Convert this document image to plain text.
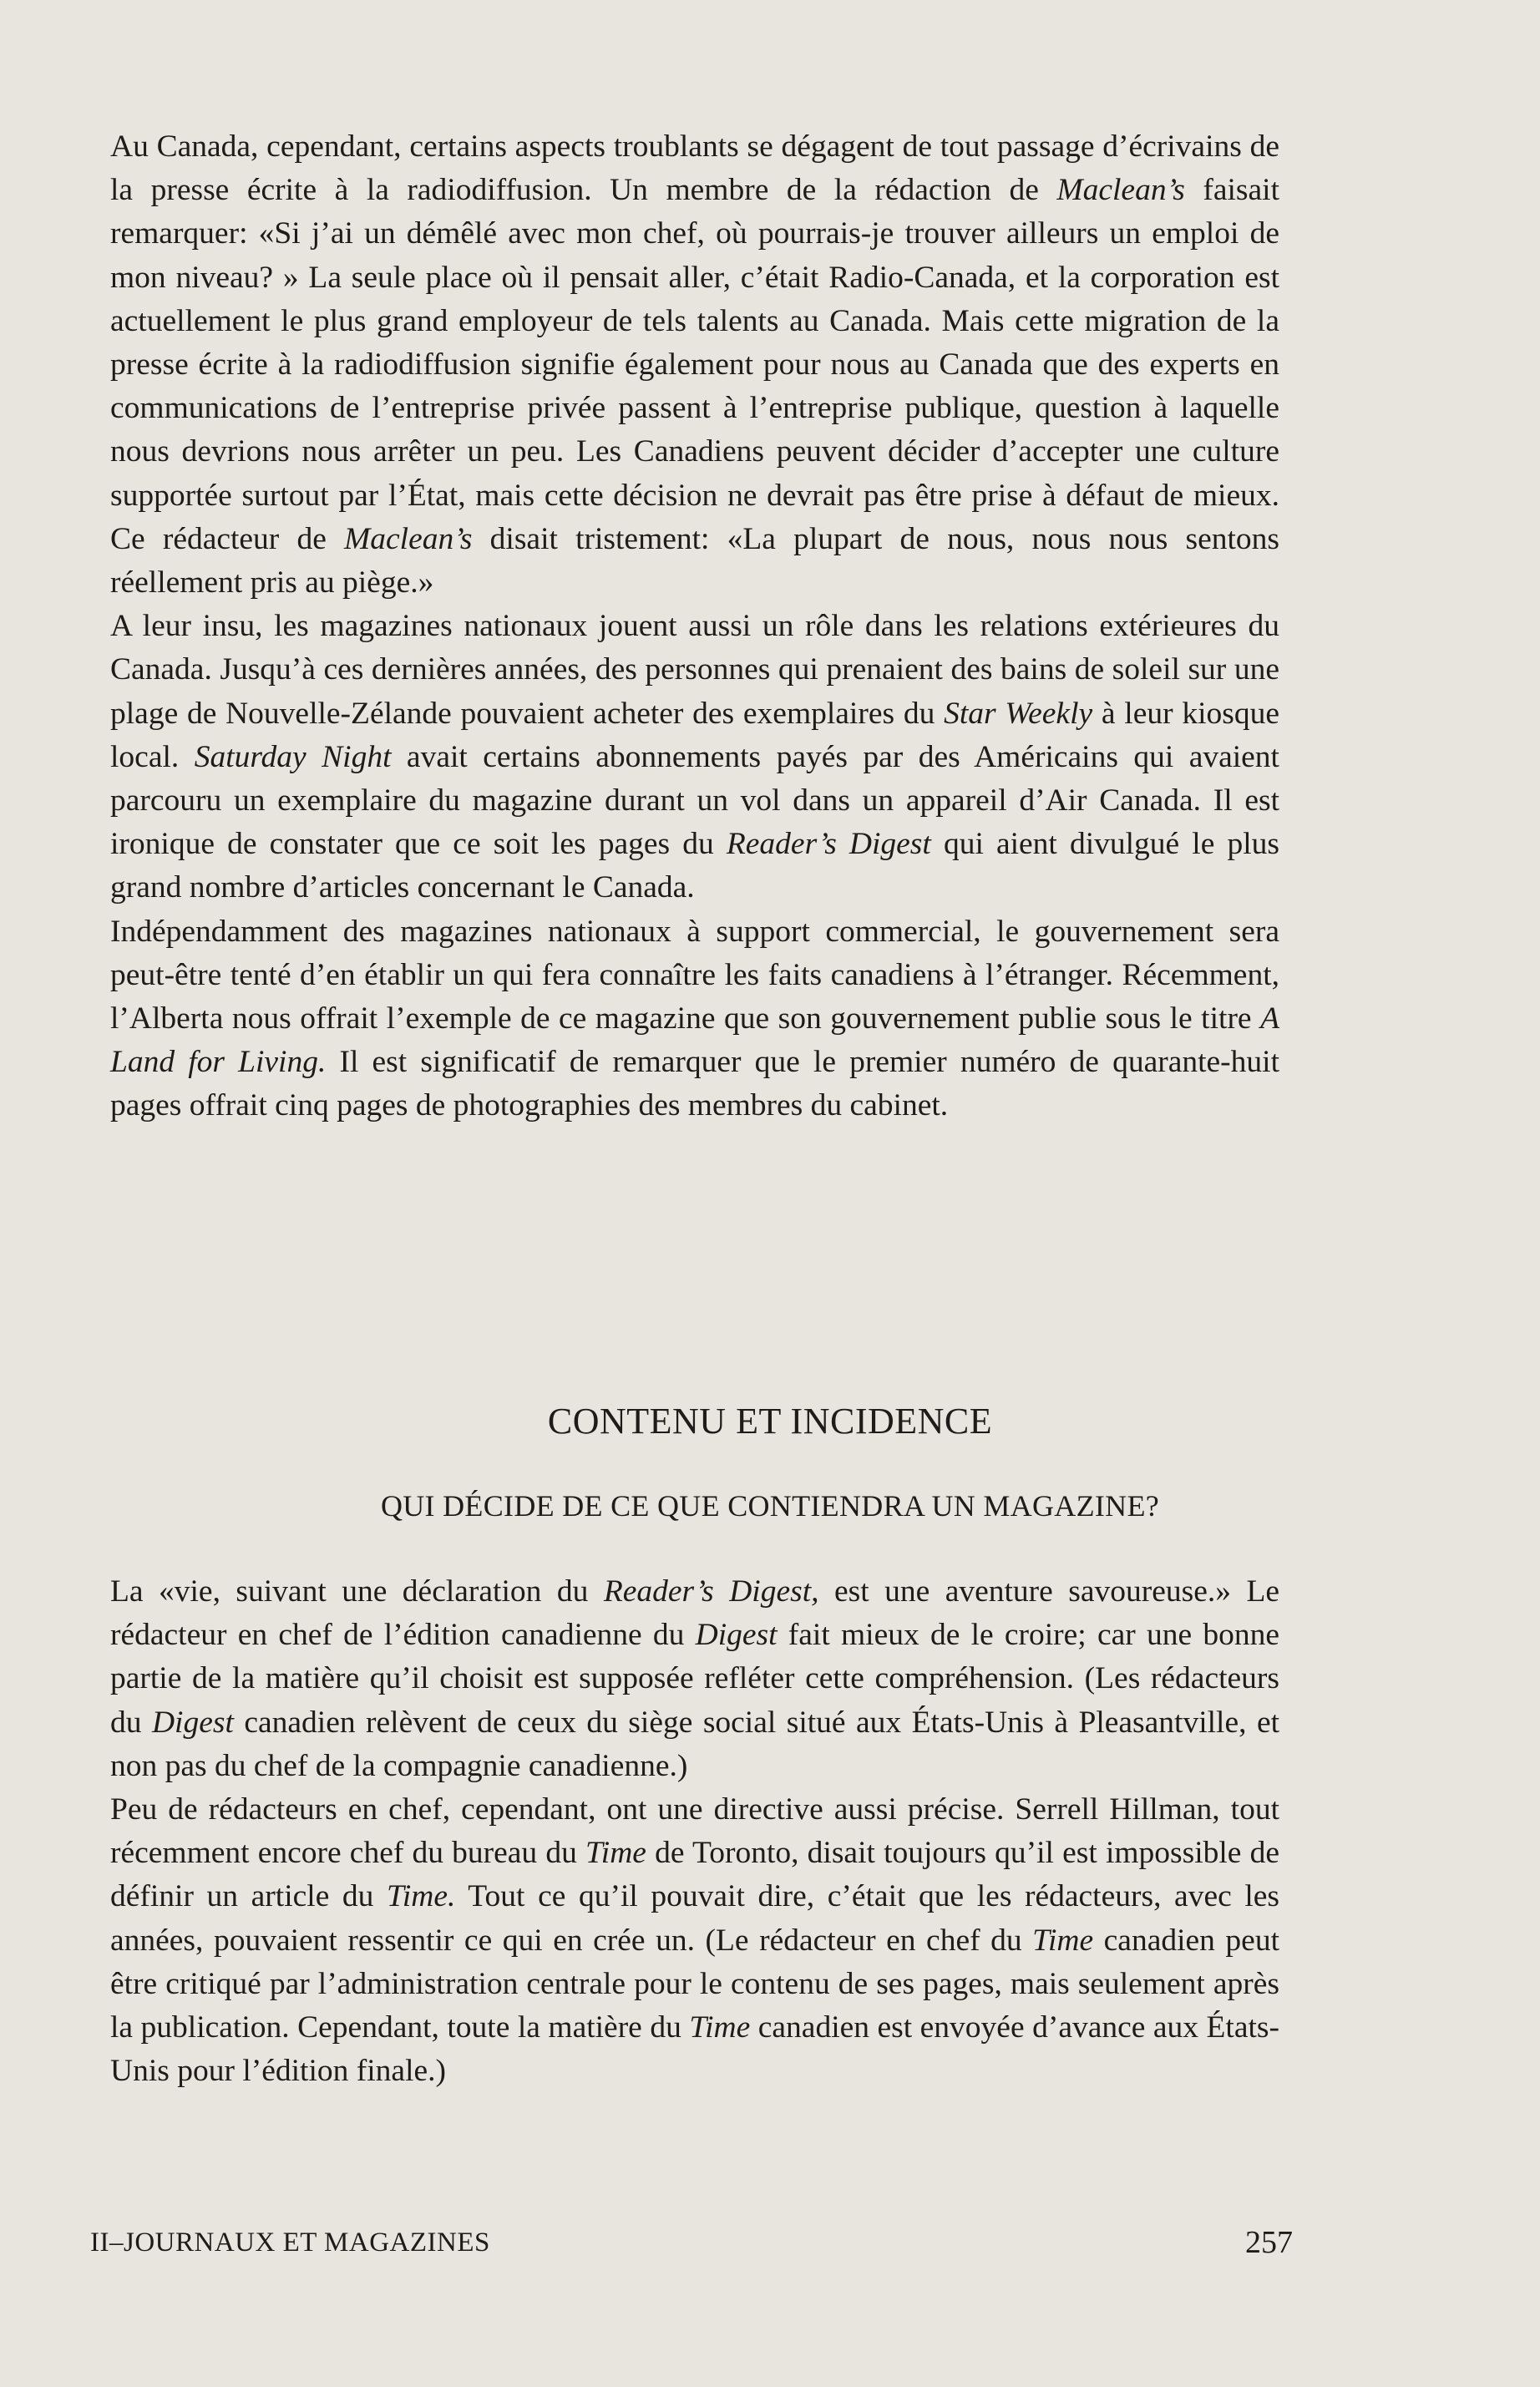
Au Canada, cependant, certains aspects troublants se dégagent de tout passage d’écrivains de la presse écrite à la radiodiffusion. Un membre de la rédaction de Maclean’s faisait remarquer: «Si j’ai un démêlé avec mon chef, où pourrais-je trouver ailleurs un emploi de mon niveau? » La seule place où il pensait aller, c’était Radio-Canada, et la corporation est actuellement le plus grand employeur de tels talents au Canada. Mais cette migration de la presse écrite à la radiodiffusion signifie également pour nous au Canada que des experts en communications de l’entreprise privée passent à l’entreprise publique, question à laquelle nous devrions nous arrêter un peu. Les Canadiens peuvent décider d’accepter une culture supportée surtout par l’État, mais cette décision ne devrait pas être prise à défaut de mieux. Ce rédacteur de Maclean’s disait tristement: «La plupart de nous, nous nous sentons réellement pris au piège.»

A leur insu, les magazines nationaux jouent aussi un rôle dans les relations extérieures du Canada. Jusqu’à ces dernières années, des personnes qui prenaient des bains de soleil sur une plage de Nouvelle-Zélande pouvaient acheter des exemplaires du Star Weekly à leur kiosque local. Saturday Night avait certains abonnements payés par des Américains qui avaient parcouru un exemplaire du magazine durant un vol dans un appareil d’Air Canada. Il est ironique de constater que ce soit les pages du Reader’s Digest qui aient divulgué le plus grand nombre d’articles concernant le Canada.

Indépendamment des magazines nationaux à support commercial, le gouvernement sera peut-être tenté d’en établir un qui fera connaître les faits canadiens à l’étranger. Récemment, l’Alberta nous offrait l’exemple de ce magazine que son gouvernement publie sous le titre A Land for Living. Il est significatif de remarquer que le premier numéro de quarante-huit pages offrait cinq pages de photographies des membres du cabinet.

CONTENU ET INCIDENCE
QUI DÉCIDE DE CE QUE CONTIENDRA UN MAGAZINE?

La «vie, suivant une déclaration du Reader’s Digest, est une aventure savoureuse.» Le rédacteur en chef de l’édition canadienne du Digest fait mieux de le croire; car une bonne partie de la matière qu’il choisit est supposée refléter cette compréhension. (Les rédacteurs du Digest canadien relèvent de ceux du siège social situé aux États-Unis à Pleasantville, et non pas du chef de la compagnie canadienne.)

Peu de rédacteurs en chef, cependant, ont une directive aussi précise. Serrell Hillman, tout récemment encore chef du bureau du Time de Toronto, disait toujours qu’il est impossible de définir un article du Time. Tout ce qu’il pouvait dire, c’était que les rédacteurs, avec les années, pouvaient ressentir ce qui en crée un. (Le rédacteur en chef du Time canadien peut être critiqué par l’administration centrale pour le contenu de ses pages, mais seulement après la publication. Cependant, toute la matière du Time canadien est envoyée d’avance aux États-Unis pour l’édition finale.)

II–JOURNAUX ET MAGAZINES	257
